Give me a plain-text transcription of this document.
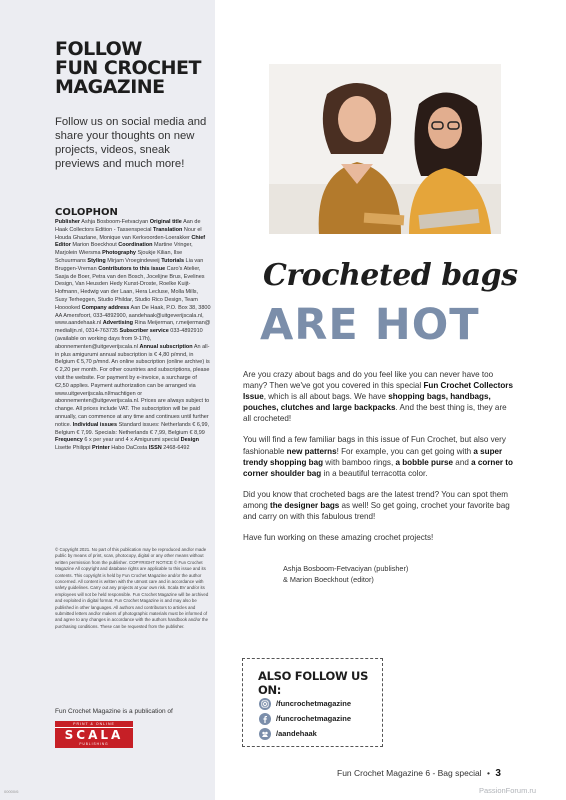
FOLLOW
FUN CROCHET
MAGAZINE
Follow us on social media and share your thoughts on new projects, videos, sneak previews and much more!
COLOPHON
Publisher Ashja Bosboom-Fetvaciyan Original title Aan de Haak Collectors Edition - Tassenspecial Translation Nour el Houda Ghazlane, Monique van Kerkvoorden-Loerakker Chief Editor Marion Boeckhout Coordination Martine Vringer, Marjolein Wiersma Photography Sjoukje Kilian, Ilse Schuurmans Styling Mirjam Vroegindeweij Tutorials Lia van Bruggen-Vreman Contributors to this issue Caro's Atelier, Sasja de Boer, Petra van den Bosch, Jocelijne Brus, Evelines Design, Van Heusden Hedy Kunst-Droste, Roelke Kuijt-Hofmann, Hedwig van der Laan, Hera Lecluse, Molla Mills, Susy Terheggen, Studio Phildar, Studio Rico Design, Team Hooooked Company address Aan De Haak, P.O. Box 38, 3800 AA Amersfoort, 033-4892900, aandehaak@uitgeverijscala.nl, www.aandehaak.nl Advertising Rina Meijerman, r.meijerman@ medialijn.nl, 0314-763735 Subscriber service 033-4892910 (available on working days from 9-17h), abonnementen@uitgeverijscala.nl Annual subscription An all-in plus amigurumi annual subscription is € 4,80 p/mnd, in Belgium € 5,70 p/mnd. An online subscription (online archive) is € 2,20 per month. For other countries and subscriptions, please visit the website. For payment by e-invoice, a surcharge of €2,50 applies. Payment authorization can be arranged via www.uitgeverijscala.nl/machtigen or abonnementen@uitgeverijscala.nl. Prices are always subject to change. All prices include VAT. The subscription will be paid annually, can commence at any time and continues until further notice. Individual issues Standard issues: Netherlands € 6,99, Belgium € 7,99. Specials: Netherlands € 7,99, Belgium € 8,99 Frequency 6 x per year and 4 x Amigurumi special Design Lisette Philippi Printer Habo DaCosta ISSN 2468-6492
© Copyright 2021. No part of this publication may be reproduced and/or made public by means of print, scan, photocopy, digital or any other means without written permission from the publisher. COPYRIGHT NOTICE © Fun Crochet Magazine All copyright and database rights are applicable to this issue and its contents. This copyright is held by Fun Crochet Magazine and/or the author concerned. All content is written with the utmost care and in accordance with safety guidelines. Carry out any projects at your own risk. Scala BV and/or its employees will not be held responsible. Fun Crochet Magazine will be archived and exploited in digital format. Fun Crochet Magazine is and may also be published in other languages. All authors and contributors to articles and submitted letters and/or makers of photographic materials must be informed of and agree to any changes in accordance with the authors handbook and/or the purchasing conditions. These can be requested from the publisher.
Fun Crochet Magazine is a publication of
PRINT & ONLINE
SCALA
PUBLISHING
00000/6
Crocheted bags
ARE HOT

Are you crazy about bags and do you feel like you can never have too many? Then we've got you covered in this special Fun Crochet Collectors Issue, which is all about bags. We have shopping bags, handbags, pouches, clutches and large backpacks. And the best thing is, they are all crocheted!

You will find a few familiar bags in this issue of Fun Crochet, but also very fashionable new patterns! For example, you can get going with a super trendy shopping bag with bamboo rings, a bobble purse and a corner to corner shoulder bag in a beautiful terracotta color.

Did you know that crocheted bags are the latest trend? You can spot them among the designer bags as well! So get going, crochet your favorite bag and carry on with this fabulous trend!

Have fun working on these amazing crochet projects!

Ashja Bosboom-Fetvaciyan (publisher)
& Marion Boeckhout (editor)
ALSO FOLLOW US ON:
/funcrochetmagazine
/funcrochetmagazine
/aandehaak
Fun Crochet Magazine 6 - Bag special • 3
PassionForum.ru
